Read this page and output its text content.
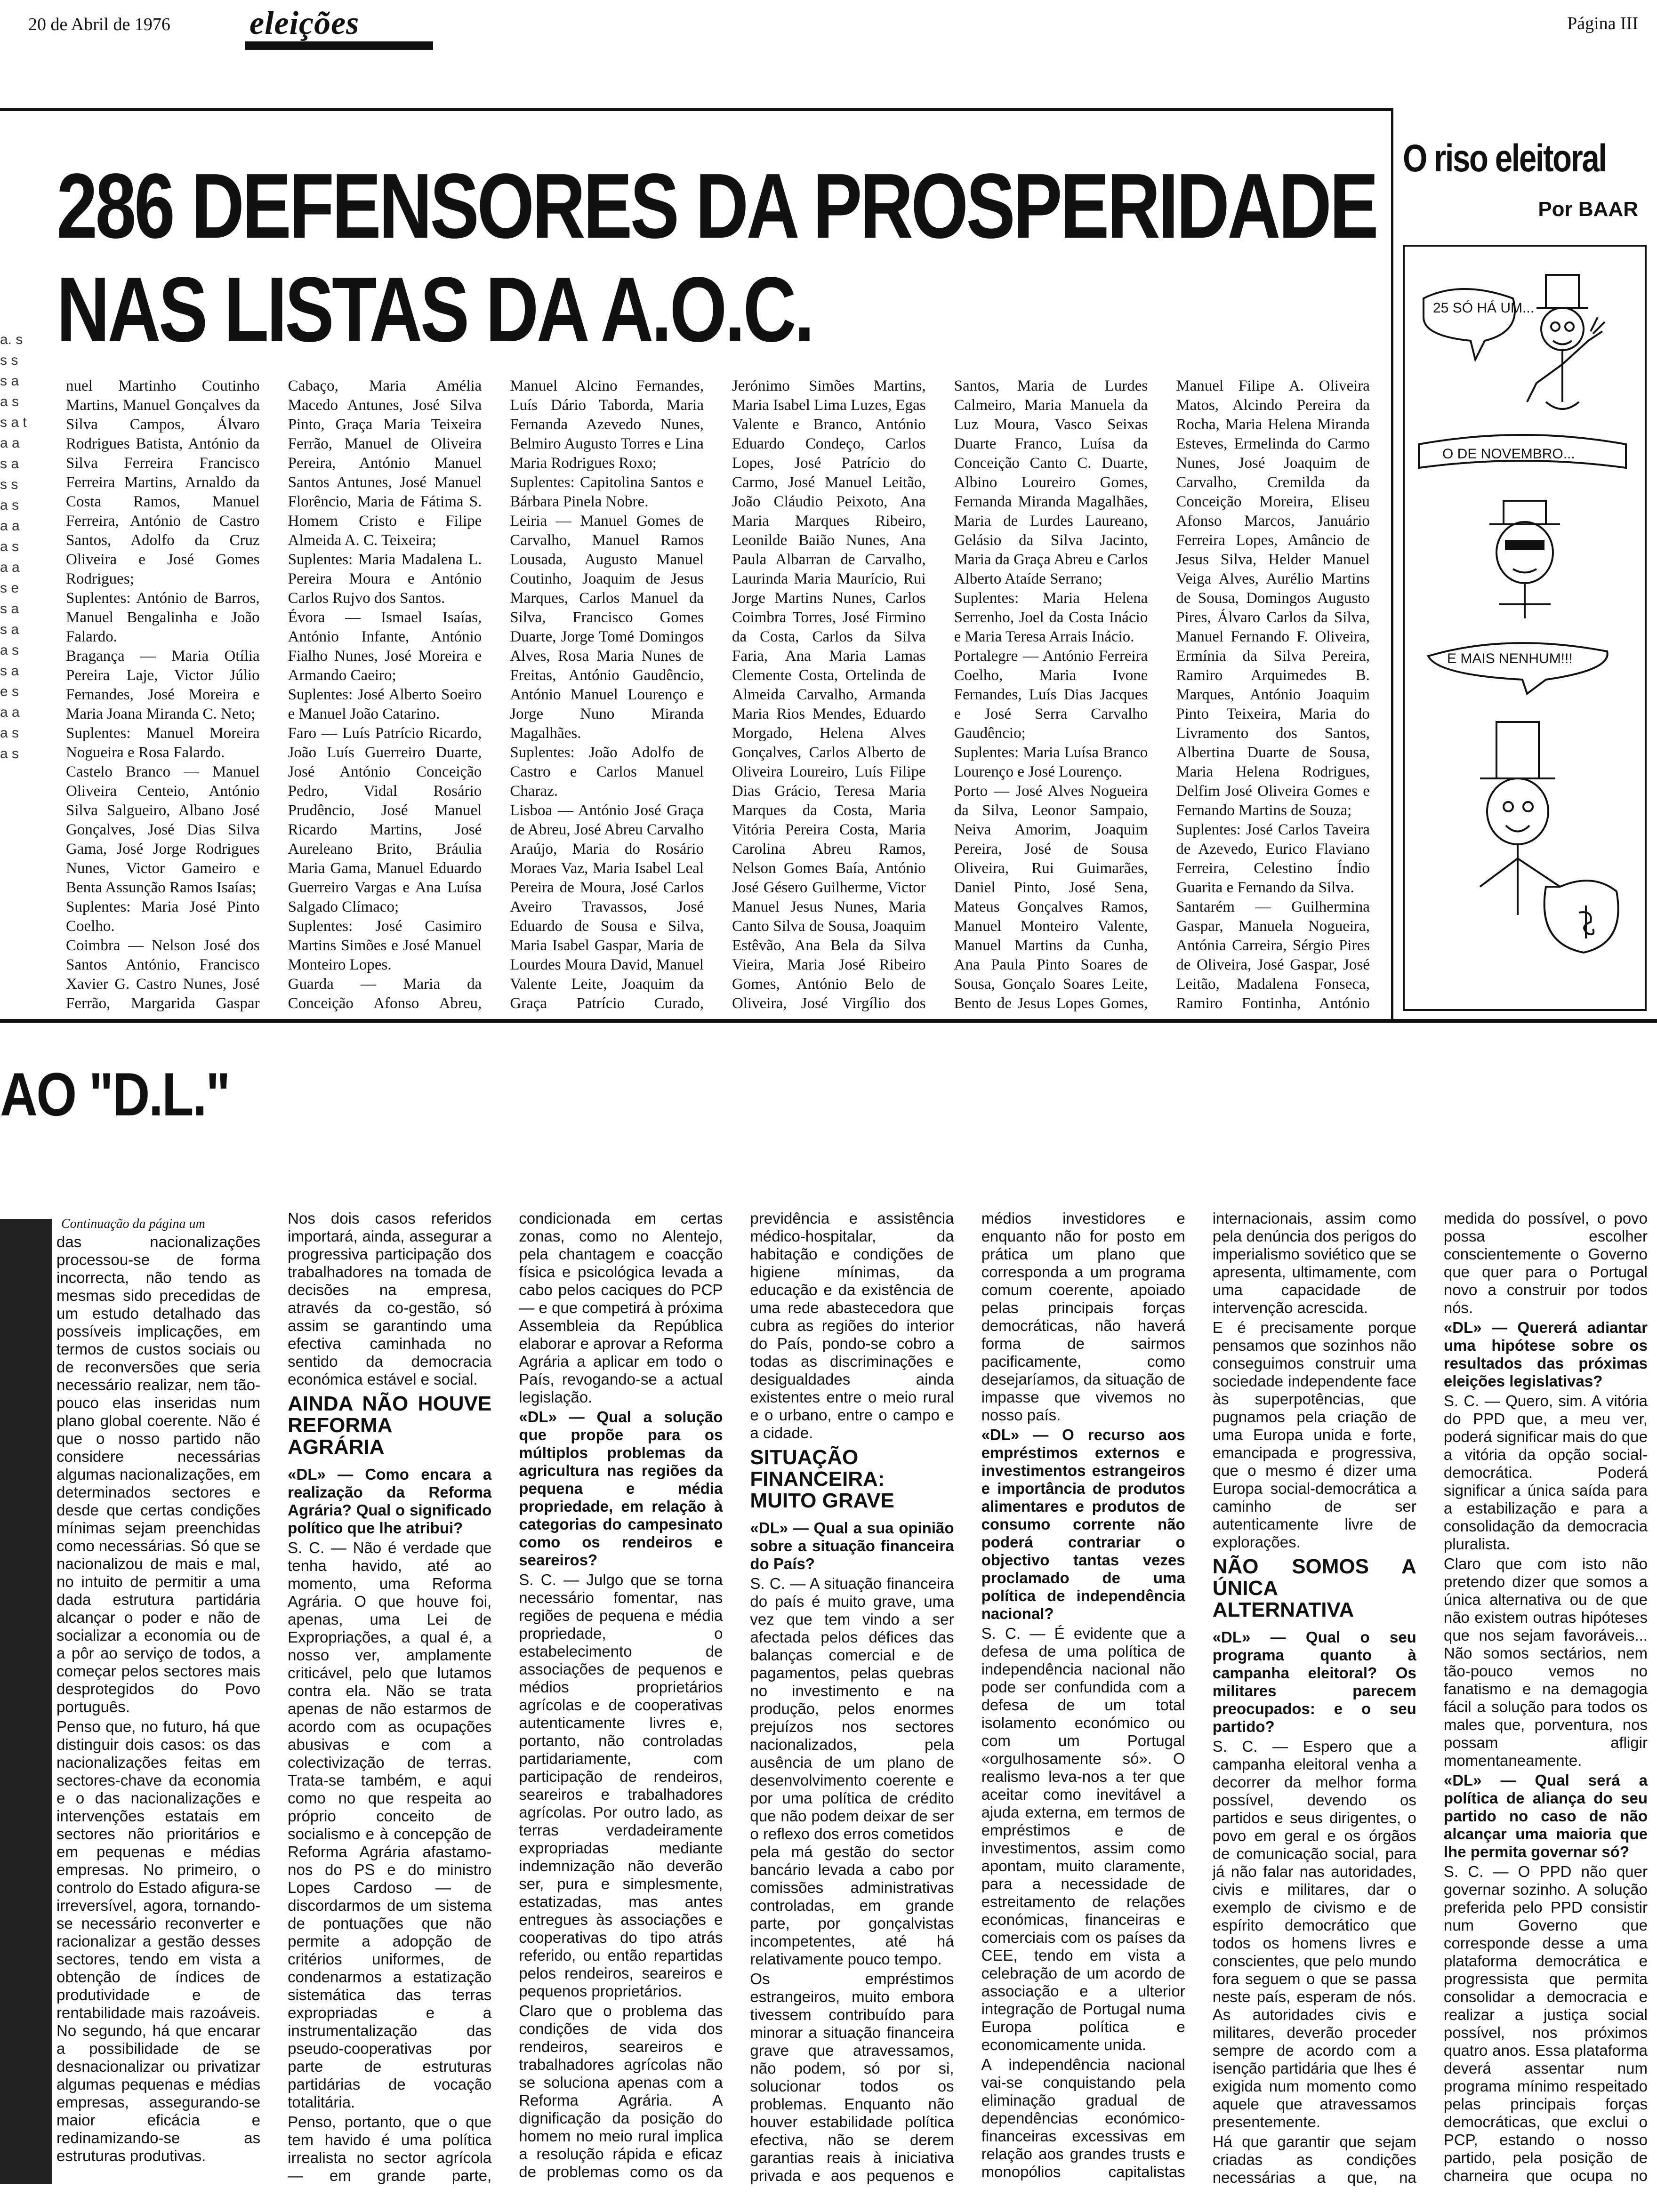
20 de Abril de 1976 eleições	Página III
286 DEFENSORES DA PROSPERIDADE
NAS LISTAS DA A.O.C.
a. s s s s a a s s a t a a s a s s a s a a a s a a s e s a s a a s s a e s a a a s a s

nuel Martinho Coutinho Martins, Manuel Gonçalves da Silva Campos, Álvaro Rodrigues Batista, António da Silva Ferreira Francisco Ferreira Martins, Arnaldo da Costa Ramos, Manuel Ferreira, António de Castro Santos, Adolfo da Cruz Oliveira e José Gomes Rodrigues;

Suplentes: António de Barros, Manuel Bengalinha e João Falardo.

Bragança — Maria Otília Pereira Laje, Victor Júlio Fernandes, José Moreira e Maria Joana Miranda C. Neto;

Suplentes: Manuel Moreira Nogueira e Rosa Falardo.

Castelo Branco — Manuel Oliveira Centeio, António Silva Salgueiro, Albano José Gonçalves, José Dias Silva Gama, José Jorge Rodrigues Nunes, Victor Gameiro e Benta Assunção Ramos Isaías;

Suplentes: Maria José Pinto Coelho.

Coimbra — Nelson José dos Santos António, Francisco Xavier G. Castro Nunes, José Ferrão, Margarida Gaspar Cabaço, Maria Amélia Macedo Antunes, José Silva Pinto, Graça Maria Teixeira Ferrão, Manuel de Oliveira Pereira, António Manuel Santos Antunes, José Manuel Florêncio, Maria de Fátima S. Homem Cristo e Filipe Almeida A. C. Teixeira;

Suplentes: Maria Madalena L. Pereira Moura e António Carlos Rujvo dos Santos.

Évora — Ismael Isaías, António Infante, António Fialho Nunes, José Moreira e Armando Caeiro;

Suplentes: José Alberto Soeiro e Manuel João Catarino.

Faro — Luís Patrício Ricardo, João Luís Guerreiro Duarte, José António Conceição Pedro, Vidal Rosário Prudêncio, José Manuel Ricardo Martins, José Aureleano Brito, Bráulia Maria Gama, Manuel Eduardo Guerreiro Vargas e Ana Luísa Salgado Clímaco;

Suplentes: José Casimiro Martins Simões e José Manuel Monteiro Lopes.

Guarda — Maria da Conceição Afonso Abreu, Manuel Alcino Fernandes, Luís Dário Taborda, Maria Fernanda Azevedo Nunes, Belmiro Augusto Torres e Lina Maria Rodrigues Roxo;

Suplentes: Capitolina Santos e Bárbara Pinela Nobre.

Leiria — Manuel Gomes de Carvalho, Manuel Ramos Lousada, Augusto Manuel Coutinho, Joaquim de Jesus Marques, Carlos Manuel da Silva, Francisco Gomes Duarte, Jorge Tomé Domingos Alves, Rosa Maria Nunes de Freitas, António Gaudêncio, António Manuel Lourenço e Jorge Nuno Miranda Magalhães.

Suplentes: João Adolfo de Castro e Carlos Manuel Charaz.

Lisboa — António José Graça de Abreu, José Abreu Carvalho Araújo, Maria do Rosário Moraes Vaz, Maria Isabel Leal Pereira de Moura, José Carlos Aveiro Travassos, José Eduardo de Sousa e Silva, Maria Isabel Gaspar, Maria de Lourdes Moura David, Manuel Valente Leite, Joaquim da Graça Patrício Curado, Jerónimo Simões Martins, Maria Isabel Lima Luzes, Egas Valente e Branco, António Eduardo Condeço, Carlos Lopes, José Patrício do Carmo, José Manuel Leitão, João Cláudio Peixoto, Ana Maria Marques Ribeiro, Leonilde Baião Nunes, Ana Paula Albarran de Carvalho, Laurinda Maria Maurício, Rui Jorge Martins Nunes, Carlos Coimbra Torres, José Firmino da Costa, Carlos da Silva Faria, Ana Maria Lamas Clemente Costa, Ortelinda de Almeida Carvalho, Armanda Maria Rios Mendes, Eduardo Morgado, Helena Alves Gonçalves, Carlos Alberto de Oliveira Loureiro, Luís Filipe Dias Grácio, Teresa Maria Marques da Costa, Maria Vitória Pereira Costa, Maria Carolina Abreu Ramos, Nelson Gomes Baía, António José Gésero Guilherme, Victor Manuel Jesus Nunes, Maria Canto Silva de Sousa, Joaquim Estêvão, Ana Bela da Silva Vieira, Maria José Ribeiro Gomes, António Belo de Oliveira, José Virgílio dos Santos, Maria de Lurdes Calmeiro, Maria Manuela da Luz Moura, Vasco Seixas Duarte Franco, Luísa da Conceição Canto C. Duarte, Albino Loureiro Gomes, Fernanda Miranda Magalhães, Maria de Lurdes Laureano, Gelásio da Silva Jacinto, Maria da Graça Abreu e Carlos Alberto Ataíde Serrano;

Suplentes: Maria Helena Serrenho, Joel da Costa Inácio e Maria Teresa Arrais Inácio.

Portalegre — António Ferreira Coelho, Maria Ivone Fernandes, Luís Dias Jacques e José Serra Carvalho Gaudêncio;

Suplentes: Maria Luísa Branco Lourenço e José Lourenço.

Porto — José Alves Nogueira da Silva, Leonor Sampaio, Neiva Amorim, Joaquim Pereira, José de Sousa Oliveira, Rui Guimarães, Daniel Pinto, José Sena, Mateus Gonçalves Ramos, Manuel Monteiro Valente, Manuel Martins da Cunha, Ana Paula Pinto Soares de Sousa, Gonçalo Soares Leite, Bento de Jesus Lopes Gomes, Manuel Filipe A. Oliveira Matos, Alcindo Pereira da Rocha, Maria Helena Miranda Esteves, Ermelinda do Carmo Nunes, José Joaquim de Carvalho, Cremilda da Conceição Moreira, Eliseu Afonso Marcos, Januário Ferreira Lopes, Amâncio de Jesus Silva, Helder Manuel Veiga Alves, Aurélio Martins de Sousa, Domingos Augusto Pires, Álvaro Carlos da Silva, Manuel Fernando F. Oliveira, Ermínia da Silva Pereira, Ramiro Arquimedes B. Marques, António Joaquim Pinto Teixeira, Maria do Livramento dos Santos, Albertina Duarte de Sousa, Maria Helena Rodrigues, Delfim José Oliveira Gomes e Fernando Martins de Souza;

Suplentes: José Carlos Taveira de Azevedo, Eurico Flaviano Ferreira, Celestino Índio Guarita e Fernando da Silva.

Santarém — Guilhermina Gaspar, Manuela Nogueira, Antónia Carreira, Sérgio Pires de Oliveira, José Gaspar, José Leitão, Madalena Fonseca, Ramiro Fontinha, António

O riso eleitoral
Por BAAR
25 SÓ HÁ UM...
O DE NOVEMBRO...
E MAIS NENHUM!!!
AO "D.L."
Continuação da página um

das nacionalizações processou-se de forma incorrecta, não tendo as mesmas sido precedidas de um estudo detalhado das possíveis implicações, em termos de custos sociais ou de reconversões que seria necessário realizar, nem tão-pouco elas inseridas num plano global coerente. Não é que o nosso partido não considere necessárias algumas nacionalizações, em determinados sectores e desde que certas condições mínimas sejam preenchidas como necessárias. Só que se nacionalizou de mais e mal, no intuito de permitir a uma dada estrutura partidária alcançar o poder e não de socializar a economia ou de a pôr ao serviço de todos, a começar pelos sectores mais desprotegidos do Povo português.

Penso que, no futuro, há que distinguir dois casos: os das nacionalizações feitas em sectores-chave da economia e o das nacionalizações e intervenções estatais em sectores não prioritários e em pequenas e médias empresas. No primeiro, o controlo do Estado afigura-se irreversível, agora, tornando-se necessário reconverter e racionalizar a gestão desses sectores, tendo em vista a obtenção de índices de produtividade e de rentabilidade mais razoáveis. No segundo, há que encarar a possibilidade de se desnacionalizar ou privatizar algumas pequenas e médias empresas, assegurando-se maior eficácia e redinamizando-se as estruturas produtivas.

Nos dois casos referidos importará, ainda, assegurar a progressiva participação dos trabalhadores na tomada de decisões na empresa, através da co-gestão, só assim se garantindo uma efectiva caminhada no sentido da democracia económica estável e social.

AINDA NÃO HOUVE REFORMA AGRÁRIA

«DL» — Como encara a realização da Reforma Agrária? Qual o significado político que lhe atribui?

S. C. — Não é verdade que tenha havido, até ao momento, uma Reforma Agrária. O que houve foi, apenas, uma Lei de Expropriações, a qual é, a nosso ver, amplamente criticável, pelo que lutamos contra ela. Não se trata apenas de não estarmos de acordo com as ocupações abusivas e com a colectivização de terras. Trata-se também, e aqui como no que respeita ao próprio conceito de socialismo e à concepção de Reforma Agrária afastamo-nos do PS e do ministro Lopes Cardoso — de discordarmos de um sistema de pontuações que não permite a adopção de critérios uniformes, de condenarmos a estatização sistemática das terras expropriadas e a instrumentalização das pseudo-cooperativas por parte de estruturas partidárias de vocação totalitária.

Penso, portanto, que o que tem havido é uma política irrealista no sector agrícola — em grande parte, condicionada em certas zonas, como no Alentejo, pela chantagem e coacção física e psicológica levada a cabo pelos caciques do PCP — e que competirá à próxima Assembleia da República elaborar e aprovar a Reforma Agrária a aplicar em todo o País, revogando-se a actual legislação.

«DL» — Qual a solução que propõe para os múltiplos problemas da agricultura nas regiões da pequena e média propriedade, em relação à categorias do campesinato como os rendeiros e seareiros?

S. C. — Julgo que se torna necessário fomentar, nas regiões de pequena e média propriedade, o estabelecimento de associações de pequenos e médios proprietários agrícolas e de cooperativas autenticamente livres e, portanto, não controladas partidariamente, com participação de rendeiros, seareiros e trabalhadores agrícolas. Por outro lado, as terras verdadeiramente expropriadas mediante indemnização não deverão ser, pura e simplesmente, estatizadas, mas antes entregues às associações e cooperativas do tipo atrás referido, ou então repartidas pelos rendeiros, seareiros e pequenos proprietários.

Claro que o problema das condições de vida dos rendeiros, seareiros e trabalhadores agrícolas não se soluciona apenas com a Reforma Agrária. A dignificação da posição do homem no meio rural implica a resolução rápida e eficaz de problemas como os da previdência e assistência médico-hospitalar, da habitação e condições de higiene mínimas, da educação e da existência de uma rede abastecedora que cubra as regiões do interior do País, pondo-se cobro a todas as discriminações e desigualdades ainda existentes entre o meio rural e o urbano, entre o campo e a cidade.

SITUAÇÃO FINANCEIRA: MUITO GRAVE

«DL» — Qual a sua opinião sobre a situação financeira do País?

S. C. — A situação financeira do país é muito grave, uma vez que tem vindo a ser afectada pelos défices das balanças comercial e de pagamentos, pelas quebras no investimento e na produção, pelos enormes prejuízos nos sectores nacionalizados, pela ausência de um plano de desenvolvimento coerente e por uma política de crédito que não podem deixar de ser o reflexo dos erros cometidos pela má gestão do sector bancário levada a cabo por comissões administrativas controladas, em grande parte, por gonçalvistas incompetentes, até há relativamente pouco tempo.

Os empréstimos estrangeiros, muito embora tivessem contribuído para minorar a situação financeira grave que atravessamos, não podem, só por si, solucionar todos os problemas. Enquanto não houver estabilidade política efectiva, não se derem garantias reais à iniciativa privada e aos pequenos e médios investidores e enquanto não for posto em prática um plano que corresponda a um programa comum coerente, apoiado pelas principais forças democráticas, não haverá forma de sairmos pacificamente, como desejaríamos, da situação de impasse que vivemos no nosso país.

«DL» — O recurso aos empréstimos externos e investimentos estrangeiros e importância de produtos alimentares e produtos de consumo corrente não poderá contrariar o objectivo tantas vezes proclamado de uma política de independência nacional?

S. C. — É evidente que a defesa de uma política de independência nacional não pode ser confundida com a defesa de um total isolamento económico ou com um Portugal «orgulhosamente só». O realismo leva-nos a ter que aceitar como inevitável a ajuda externa, em termos de empréstimos e de investimentos, assim como apontam, muito claramente, para a necessidade de estreitamento de relações económicas, financeiras e comerciais com os países da CEE, tendo em vista a celebração de um acordo de associação e a ulterior integração de Portugal numa Europa política e economicamente unida.

A independência nacional vai-se conquistando pela eliminação gradual de dependências económico-financeiras excessivas em relação aos grandes trusts e monopólios capitalistas internacionais, assim como pela denúncia dos perigos do imperialismo soviético que se apresenta, ultimamente, com uma capacidade de intervenção acrescida.

E é precisamente porque pensamos que sozinhos não conseguimos construir uma sociedade independente face às superpotências, que pugnamos pela criação de uma Europa unida e forte, emancipada e progressiva, que o mesmo é dizer uma Europa social-democrática a caminho de ser autenticamente livre de explorações.

NÃO SOMOS A ÚNICA ALTERNATIVA

«DL» — Qual o seu programa quanto à campanha eleitoral? Os militares parecem preocupados: e o seu partido?

S. C. — Espero que a campanha eleitoral venha a decorrer da melhor forma possível, devendo os partidos e seus dirigentes, o povo em geral e os órgãos de comunicação social, para já não falar nas autoridades, civis e militares, dar o exemplo de civismo e de espírito democrático que todos os homens livres e conscientes, que pelo mundo fora seguem o que se passa neste país, esperam de nós. As autoridades civis e militares, deverão proceder sempre de acordo com a isenção partidária que lhes é exigida num momento como aquele que atravessamos presentemente.

Há que garantir que sejam criadas as condições necessárias a que, na medida do possível, o povo possa escolher conscientemente o Governo que quer para o Portugal novo a construir por todos nós.

«DL» — Quererá adiantar uma hipótese sobre os resultados das próximas eleições legislativas?

S. C. — Quero, sim. A vitória do PPD que, a meu ver, poderá significar mais do que a vitória da opção social-democrática. Poderá significar a única saída para a estabilização e para a consolidação da democracia pluralista.

Claro que com isto não pretendo dizer que somos a única alternativa ou de que não existem outras hipóteses que nos sejam favoráveis... Não somos sectários, nem tão-pouco vemos no fanatismo e na demagogia fácil a solução para todos os males que, porventura, nos possam afligir momentaneamente.

«DL» — Qual será a política de aliança do seu partido no caso de não alcançar uma maioria que lhe permita governar só?

S. C. — O PPD não quer governar sozinho. A solução preferida pelo PPD consistir num Governo que corresponde desse a uma plataforma democrática e progressista que permita consolidar a democracia e realizar a justiça social possível, nos próximos quatro anos. Essa plataforma deverá assentar num programa mínimo respeitado pelas principais forças democráticas, que exclui o PCP, estando o nosso partido, pela posição de charneira que ocupa no
